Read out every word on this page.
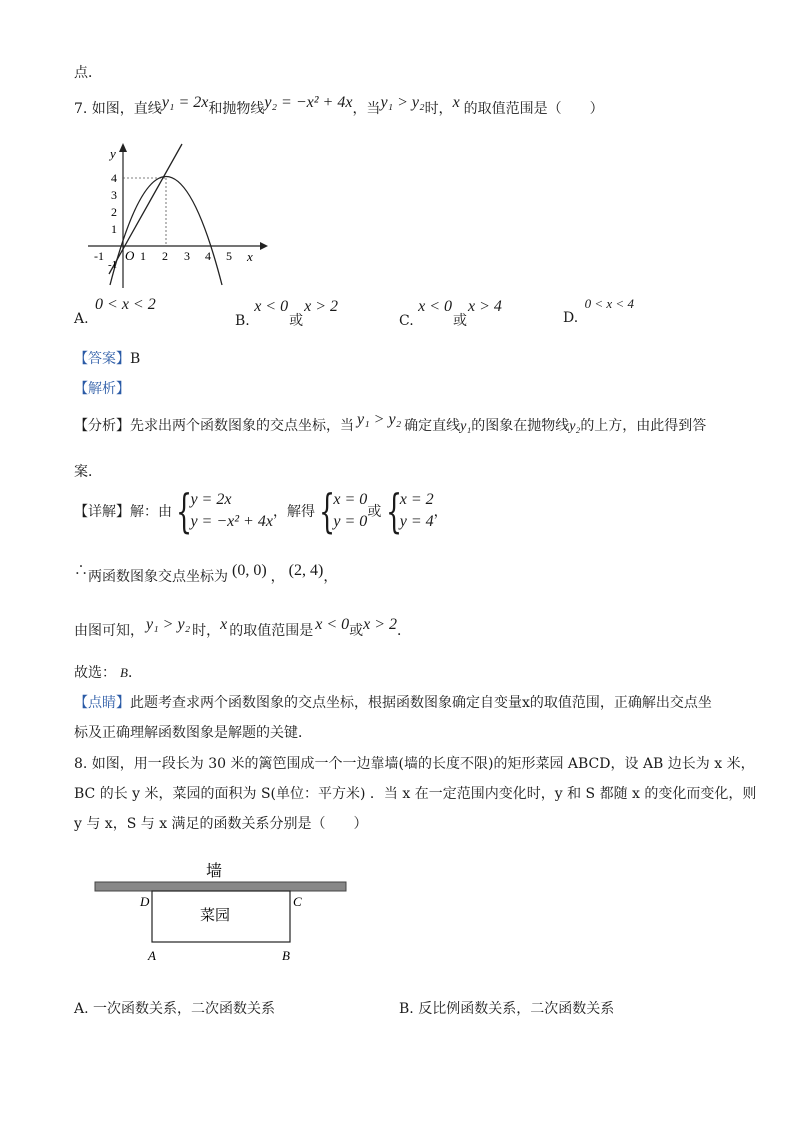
点．
7. 如图，直线y₁ = 2x和抛物线y₂ = −x² + 4x，当y₁ > y₂时，x 的取值范围是（　　）
y
x
O
4
3
2
1
-1	1 2 3 4 5
-1
A. 0 < x < 2
B. x < 0或x > 2
C. x < 0或x > 4
D. 0 < x < 4
【答案】B
【解析】
【分析】先求出两个函数图象的交点坐标，当 y₁ > y₂ 确定直线y₁的图象在抛物线y₂的上方，由此得到答
案．
【详解】解：由 {
y = 2x
y = −x² + 4x
，解得 {
x = 0
y = 0
或 {
x = 2
y = 4
，
∴两函数图象交点坐标为 (0, 0) ， (2, 4)，
由图可知， y₁ > y₂ 时，x 的取值范围是 x < 0或x > 2．
故选： B．
【点睛】此题考查求两个函数图象的交点坐标，根据函数图象确定自变量x的取值范围，正确解出交点坐
标及正确理解函数图象是解题的关键．
8. 如图，用一段长为 30 米的篱笆围成一个一边靠墙(墙的长度不限)的矩形菜园 ABCD，设 AB 边长为 x 米，
BC 的长 y 米，菜园的面积为 S(单位：平方米) ．当 x 在一定范围内变化时，y 和 S 都随 x 的变化而变化，则
y 与 x，S 与 x 满足的函数关系分别是（　　）
墙
菜园
D	C
A	B
A. 一次函数关系，二次函数关系	B. 反比例函数关系，二次函数关系
